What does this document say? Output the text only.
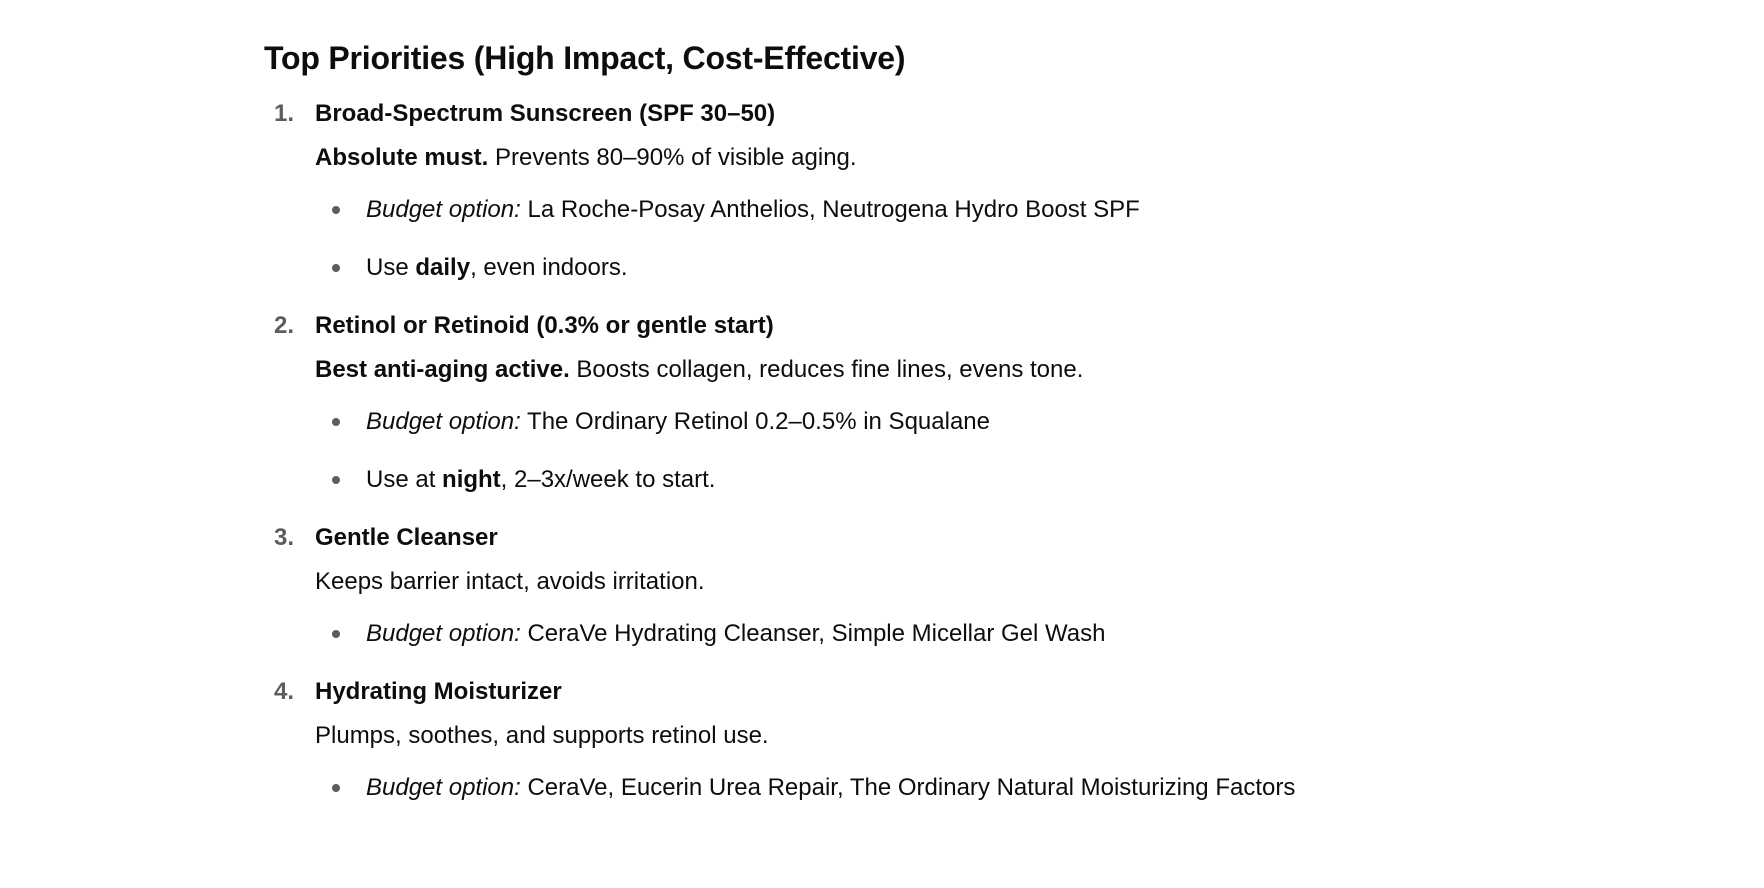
Top Priorities (High Impact, Cost-Effective)
1. Broad-Spectrum Sunscreen (SPF 30–50)

Absolute must. Prevents 80–90% of visible aging.

Budget option: La Roche-Posay Anthelios, Neutrogena Hydro Boost SPF
Use daily, even indoors.
2. Retinol or Retinoid (0.3% or gentle start)

Best anti-aging active. Boosts collagen, reduces fine lines, evens tone.

Budget option: The Ordinary Retinol 0.2–0.5% in Squalane
Use at night, 2–3x/week to start.
3. Gentle Cleanser

Keeps barrier intact, avoids irritation.

Budget option: CeraVe Hydrating Cleanser, Simple Micellar Gel Wash
4. Hydrating Moisturizer

Plumps, soothes, and supports retinol use.

Budget option: CeraVe, Eucerin Urea Repair, The Ordinary Natural Moisturizing Factors
